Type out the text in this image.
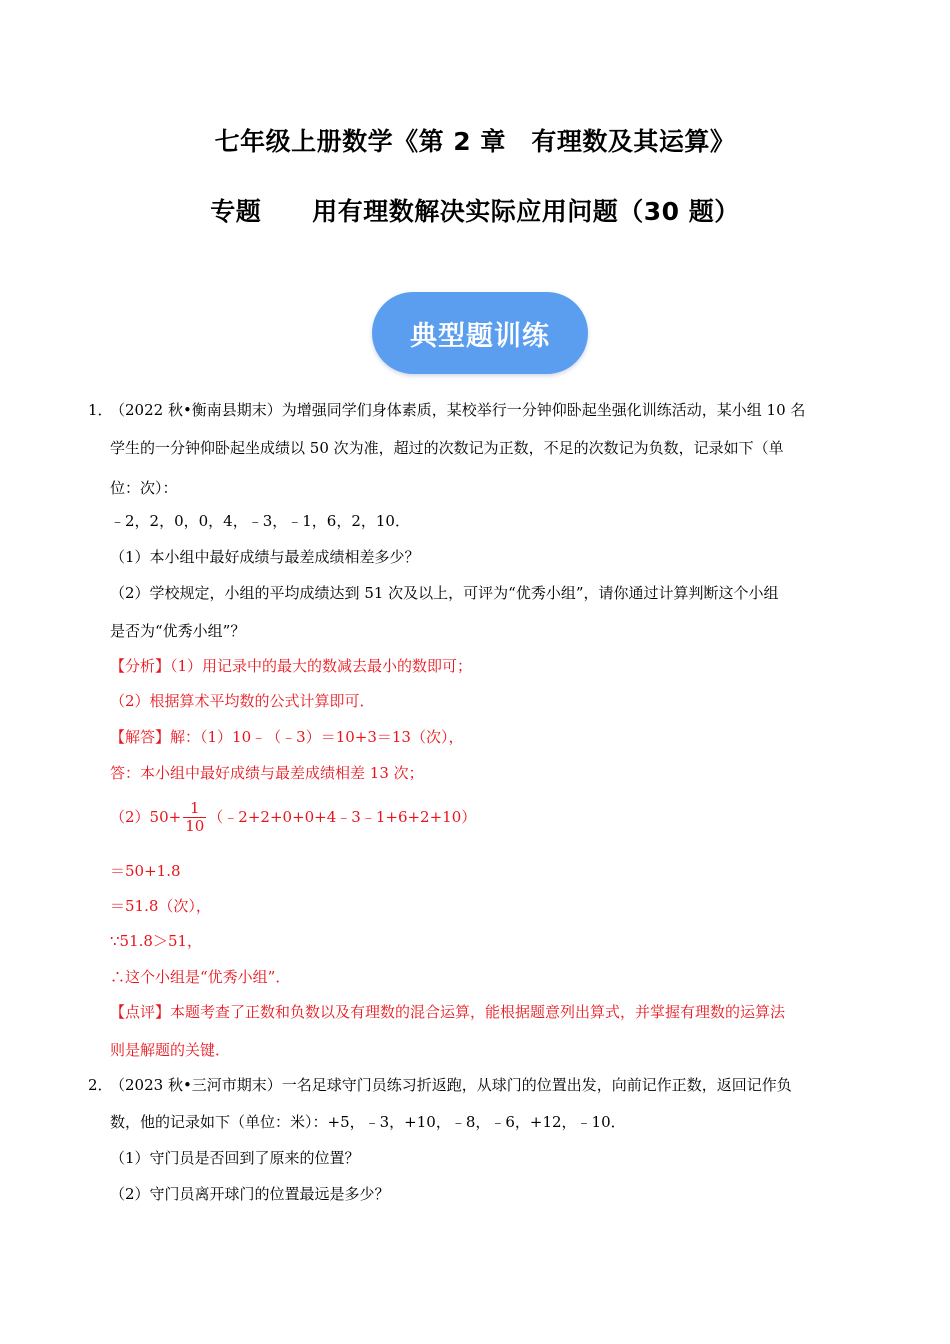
七年级上册数学《第 2 章　有理数及其运算》
专题　　用有理数解决实际应用问题（30 题）
典型题训练
1．
（2022 秋•衡南县期末）为增强同学们身体素质，某校举行一分钟仰卧起坐强化训练活动，某小组 10 名
学生的一分钟仰卧起坐成绩以 50 次为准，超过的次数记为正数，不足的次数记为负数，记录如下（单
位：次）：
﹣2，2，0，0，4，﹣3，﹣1，6，2，10．
（1）本小组中最好成绩与最差成绩相差多少？
（2）学校规定，小组的平均成绩达到 51 次及以上，可评为“优秀小组”，请你通过计算判断这个小组
是否为“优秀小组”？
【分析】（1）用记录中的最大的数减去最小的数即可；
（2）根据算术平均数的公式计算即可．
【解答】解：（1）10﹣（﹣3）＝10+3＝13（次），
答：本小组中最好成绩与最差成绩相差 13 次；
$(2)50+ \frac{1}{10}$ （﹣2+2+0+0+4﹣3﹣1+6+2+10）
＝50+1.8
＝51.8（次），
∵51.8＞51，
∴这个小组是“优秀小组”．
【点评】本题考查了正数和负数以及有理数的混合运算，能根据题意列出算式，并掌握有理数的运算法
则是解题的关键．
2．
（2023 秋•三河市期末）一名足球守门员练习折返跑，从球门的位置出发，向前记作正数，返回记作负
数，他的记录如下（单位：米）：+5，﹣3，+10，﹣8，﹣6，+12，﹣10．
（1）守门员是否回到了原来的位置？
（2）守门员离开球门的位置最远是多少？
